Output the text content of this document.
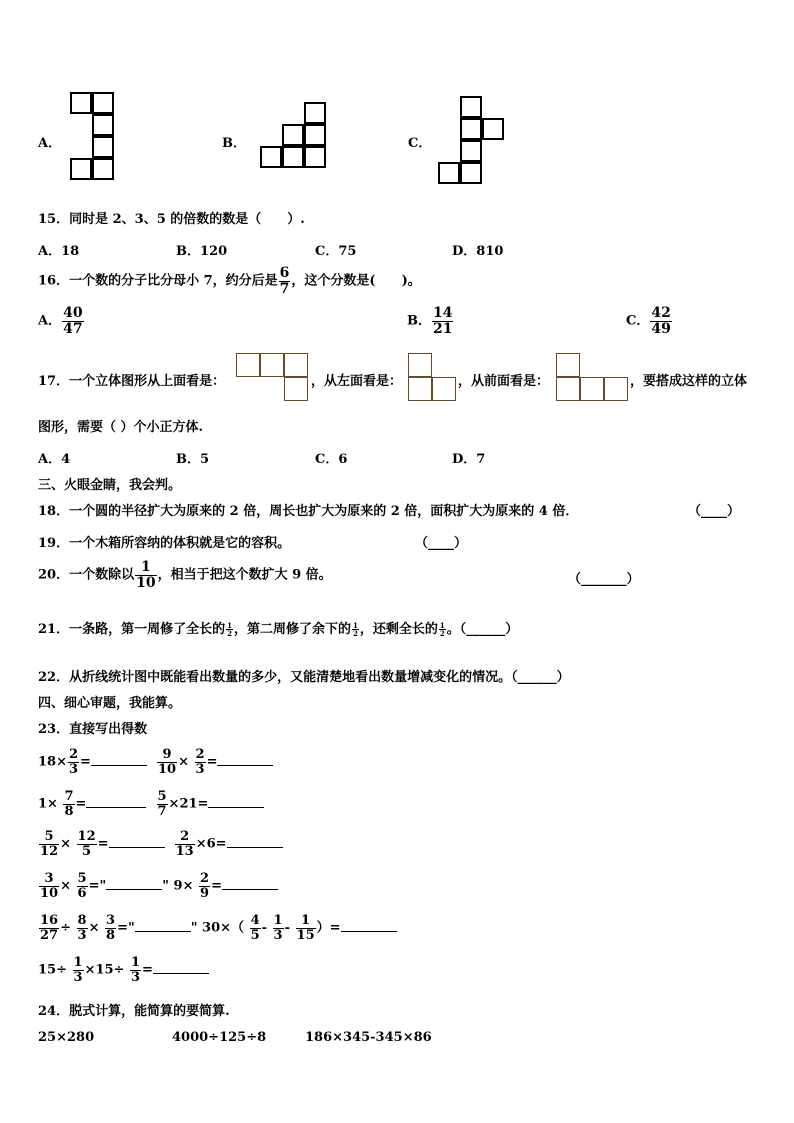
A．	B．	C．
15．同时是 2、3、5 的倍数的数是（　　）.
A．18	B．120	C．75	D．810
16．一个数的分子比分母小 7，约分后是 $\frac{6}{7}$ ，这个分数是(　　)。
A． $\frac{40}{47}$	B． $\frac{14}{21}$	C． $\frac{42}{49}$
17．一个立体图形从上面看是：	，从左面看是：	，从前面看是：	，要搭成这样的立体
图形，需要（ ）个小正方体.
A．4	B．5	C．6	D．7
三、火眼金睛，我会判。
18．一个圆的半径扩大为原来的 2 倍，周长也扩大为原来的 2 倍，面积扩大为原来的 4 倍．	（____）
19．一个木箱所容纳的体积就是它的容积。	（____）
20．一个数除以 $\frac{1}{10}$ ，相当于把这个数扩大 9 倍。	（_______）
21．一条路，第一周修了全长的 $\frac{1}{2}$ ，第二周修了余下的 $\frac{1}{2}$ ，还剩全长的 $\frac{1}{2}$ 。（______）
22．从折线统计图中既能看出数量的多少，又能清楚地看出数量增减变化的情况。（______）
四、细心审题，我能算。
23．直接写出得数
$18\times \frac{2}{3}$ =	$\frac{9}{10} \times \frac{2}{3}$ =
$1\times \frac{7}{8}$ =	$\frac{5}{7} \times 21=$
$\frac{5}{12} \times \frac{12}{5}$ =	$\frac{2}{13} \times 6=$
$\frac{3}{10} \times \frac{5}{6}$ ="	" $9\times \frac{2}{9}$ =
$\frac{16}{27} \div \frac{8}{3} \times \frac{3}{8}$ ="	" $30\times( \frac{4}{5} - \frac{1}{3} - \frac{1}{15}$ ）=
$15\div \frac{1}{3} \times 15\div \frac{1}{3}$ =
24．脱式计算，能简算的要简算.
25×280	4000÷125÷8	186×345-345×86
